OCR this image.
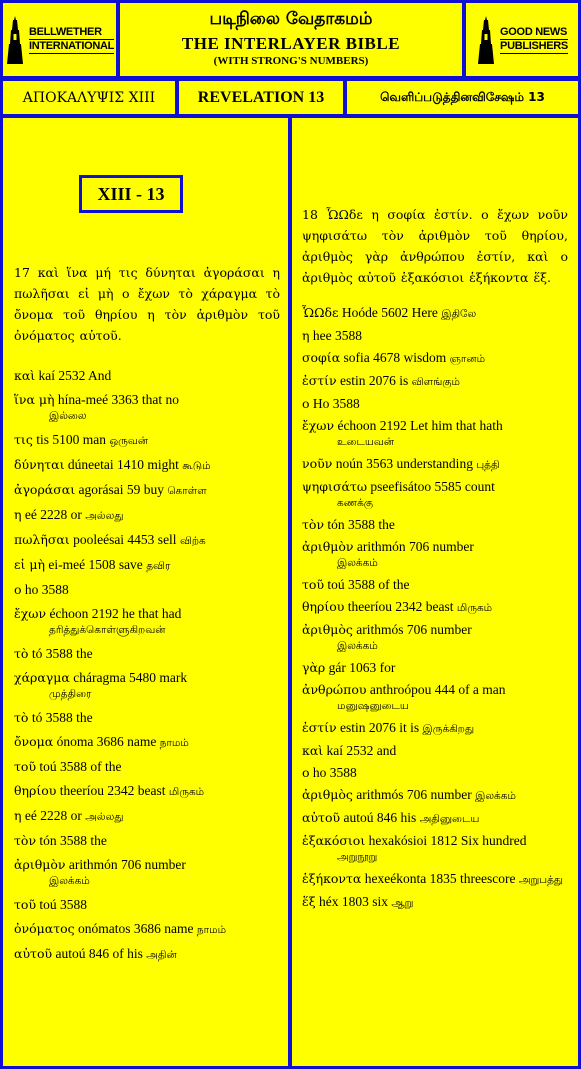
BELLWETHER
INTERNATIONAL
படிநிலை வேதாகமம்
THE INTERLAYER BIBLE
(WITH STRONG'S NUMBERS)
GOOD NEWS
PUBLISHERS
ΑΠΟΚΑΛΥΨΙΣ XIII	REVELATION 13	வெளிப்படுத்தினவிசேஷம் 13
XIII - 13
17 καὶ ἵνα μή τις δύνηται ἀγοράσαι η πωλῆσαι εἰ μὴ ο ἔχων τὸ χάραγμα τὸ ὄνομα τοῦ θηρίου η τὸν ἀριθμὸν τοῦ ὀνόματος αὐτοῦ.
καὶ kaí 2532 And
ἵνα μὴ hína-meé 3363 that no
இல்லை
τις tis 5100 man ஒருவன்
δύνηται dúneetai 1410 might கூடும்
ἀγοράσαι agorásai 59 buy கொள்ள
η eé 2228 or அல்லது
πωλῆσαι pooleésai 4453 sell விற்க
εἰ μὴ ei-meé 1508 save தவிர
ο ho 3588
ἔχων échoon 2192 he that had
தரித்துக்கொள்ளுகிறவன்
τὸ tó 3588 the
χάραγμα cháragma 5480 mark
முத்திரை
τὸ tó 3588 the
ὄνομα ónoma 3686 name நாமம்
τοῦ toú 3588 of the
θηρίου theeríou 2342 beast மிருகம்
η eé 2228 or அல்லது
τὸν tón 3588 the
ἀριθμὸν arithmón 706 number
இலக்கம்
τοῦ toú 3588
ὀνόματος onómatos 3686 name நாமம்
αὐτοῦ autoú 846 of his அதின்
18 ὯΩδε η σοφία ἐστίν. ο ἔχων νοῦν ψηφισάτω τὸν ἀριθμὸν τοῦ θηρίου, ἀριθμὸς γὰρ ἀνθρώπου ἐστίν, καὶ ο ἀριθμὸς αὐτοῦ ἑξακόσιοι ἑξήκοντα ἕξ.
ὯΩδε Hoóde 5602 Here இதிலே
η hee 3588
σοφία sofia 4678 wisdom ஞானம்
ἐστίν estin 2076 is விளங்கும்
ο Ho 3588
ἔχων échoon 2192 Let him that hath
உடையவன்
νοῦν noún 3563 understanding புத்தி
ψηφισάτω pseefisátoo 5585 count
கணக்கு
τὸν tón 3588 the
ἀριθμὸν arithmón 706 number
இலக்கம்
τοῦ toú 3588 of the
θηρίου theeríou 2342 beast மிருகம்
ἀριθμὸς arithmós 706 number
இலக்கம்
γὰρ gár 1063 for
ἀνθρώπου anthroópou 444 of a man
மனுஷனுடைய
ἐστίν estin 2076 it is இருக்கிறது
καὶ kaí 2532 and
ο ho 3588
ἀριθμὸς arithmós 706 number இலக்கம்
αὐτοῦ autoú 846 his அதினுடைய
ἑξακόσιοι hexakósioi 1812 Six hundred
அறுநூறு
ἑξήκοντα hexeékonta 1835 threescore அறுபத்து
ἕξ héx 1803 six ஆறு
